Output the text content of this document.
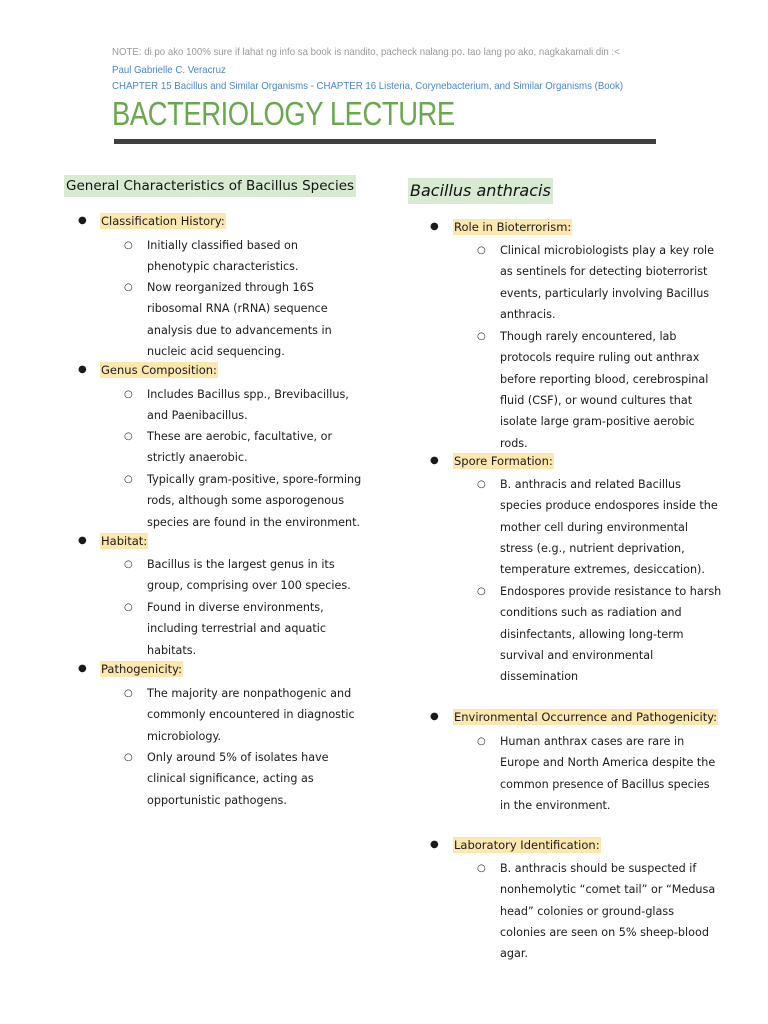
NOTE: di po ako 100% sure if lahat ng info sa book is nandito, pacheck nalang po. tao lang po ako, nagkakamali din :<
Paul Gabrielle C. Veracruz
CHAPTER 15 Bacillus and Similar Organisms - CHAPTER 16 Listeria, Corynebacterium, and Similar Organisms (Book)
BACTERIOLOGY LECTURE
General Characteristics of Bacillus Species	Bacillus anthracis
● Classification History:
○ Initially classified based on
phenotypic characteristics.
○ Now reorganized through 16S
ribosomal RNA (rRNA) sequence
analysis due to advancements in
nucleic acid sequencing.
● Genus Composition:
○ Includes Bacillus spp., Brevibacillus,
and Paenibacillus.
○ These are aerobic, facultative, or
strictly anaerobic.
○ Typically gram-positive, spore-forming
rods, although some asporogenous
species are found in the environment.
● Habitat:
○ Bacillus is the largest genus in its
group, comprising over 100 species.
○ Found in diverse environments,
including terrestrial and aquatic
habitats.
● Pathogenicity:
○ The majority are nonpathogenic and
commonly encountered in diagnostic
microbiology.
○ Only around 5% of isolates have
clinical significance, acting as
opportunistic pathogens.
● Role in Bioterrorism:
○ Clinical microbiologists play a key role
as sentinels for detecting bioterrorist
events, particularly involving Bacillus
anthracis.
○ Though rarely encountered, lab
protocols require ruling out anthrax
before reporting blood, cerebrospinal
fluid (CSF), or wound cultures that
isolate large gram-positive aerobic
rods.
● Spore Formation:
○ B. anthracis and related Bacillus
species produce endospores inside the
mother cell during environmental
stress (e.g., nutrient deprivation,
temperature extremes, desiccation).
○ Endospores provide resistance to harsh
conditions such as radiation and
disinfectants, allowing long-term
survival and environmental
dissemination
● Environmental Occurrence and Pathogenicity:
○ Human anthrax cases are rare in
Europe and North America despite the
common presence of Bacillus species
in the environment.
● Laboratory Identification:
○ B. anthracis should be suspected if
nonhemolytic “comet tail” or “Medusa
head” colonies or ground-glass
colonies are seen on 5% sheep-blood
agar.
